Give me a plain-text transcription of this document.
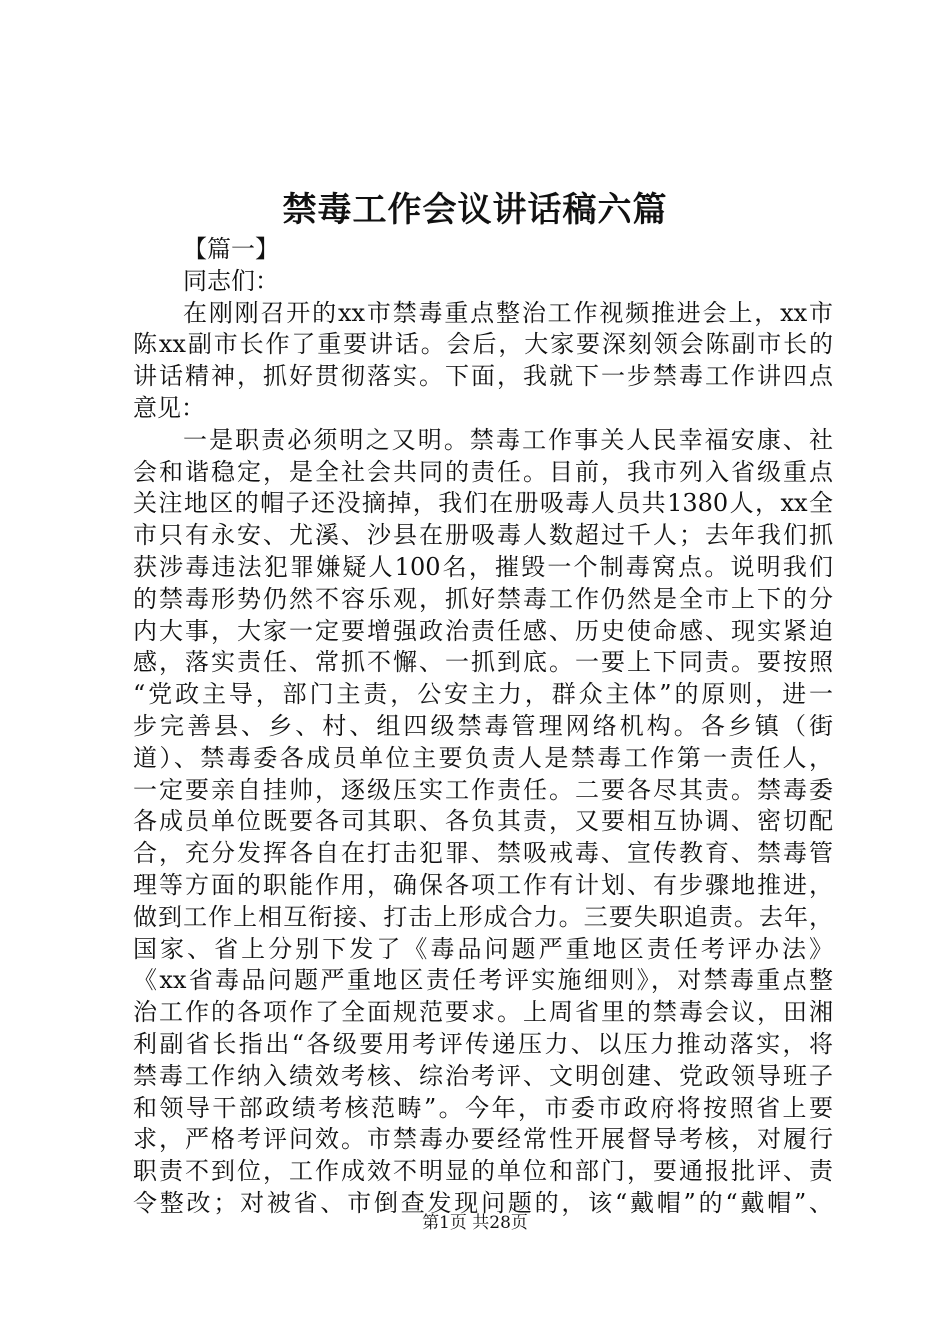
禁毒工作会议讲话稿六篇
【篇一】
同志们：
在刚刚召开的xx市禁毒重点整治工作视频推进会上，xx市
陈xx副市长作了重要讲话。会后，大家要深刻领会陈副市长的
讲话精神，抓好贯彻落实。下面，我就下一步禁毒工作讲四点
意见：
一是职责必须明之又明。禁毒工作事关人民幸福安康、社
会和谐稳定，是全社会共同的责任。目前，我市列入省级重点
关注地区的帽子还没摘掉，我们在册吸毒人员共1380人，xx全
市只有永安、尤溪、沙县在册吸毒人数超过千人；去年我们抓
获涉毒违法犯罪嫌疑人100名，摧毁一个制毒窝点。说明我们
的禁毒形势仍然不容乐观，抓好禁毒工作仍然是全市上下的分
内大事，大家一定要增强政治责任感、历史使命感、现实紧迫
感，落实责任、常抓不懈、一抓到底。一要上下同责。要按照
“党政主导，部门主责，公安主力，群众主体”的原则，进一
步完善县、乡、村、组四级禁毒管理网络机构。各乡镇（街
道）、禁毒委各成员单位主要负责人是禁毒工作第一责任人，
一定要亲自挂帅，逐级压实工作责任。二要各尽其责。禁毒委
各成员单位既要各司其职、各负其责，又要相互协调、密切配
合，充分发挥各自在打击犯罪、禁吸戒毒、宣传教育、禁毒管
理等方面的职能作用，确保各项工作有计划、有步骤地推进，
做到工作上相互衔接、打击上形成合力。三要失职追责。去年，
国家、省上分别下发了《毒品问题严重地区责任考评办法》
《xx省毒品问题严重地区责任考评实施细则》，对禁毒重点整
治工作的各项作了全面规范要求。上周省里的禁毒会议，田湘
利副省长指出“各级要用考评传递压力、以压力推动落实，将
禁毒工作纳入绩效考核、综治考评、文明创建、党政领导班子
和领导干部政绩考核范畴”。今年，市委市政府将按照省上要
求，严格考评问效。市禁毒办要经常性开展督导考核，对履行
职责不到位，工作成效不明显的单位和部门，要通报批评、责
令整改；对被省、市倒查发现问题的，该“戴帽”的“戴帽”、
第1页 共28页
